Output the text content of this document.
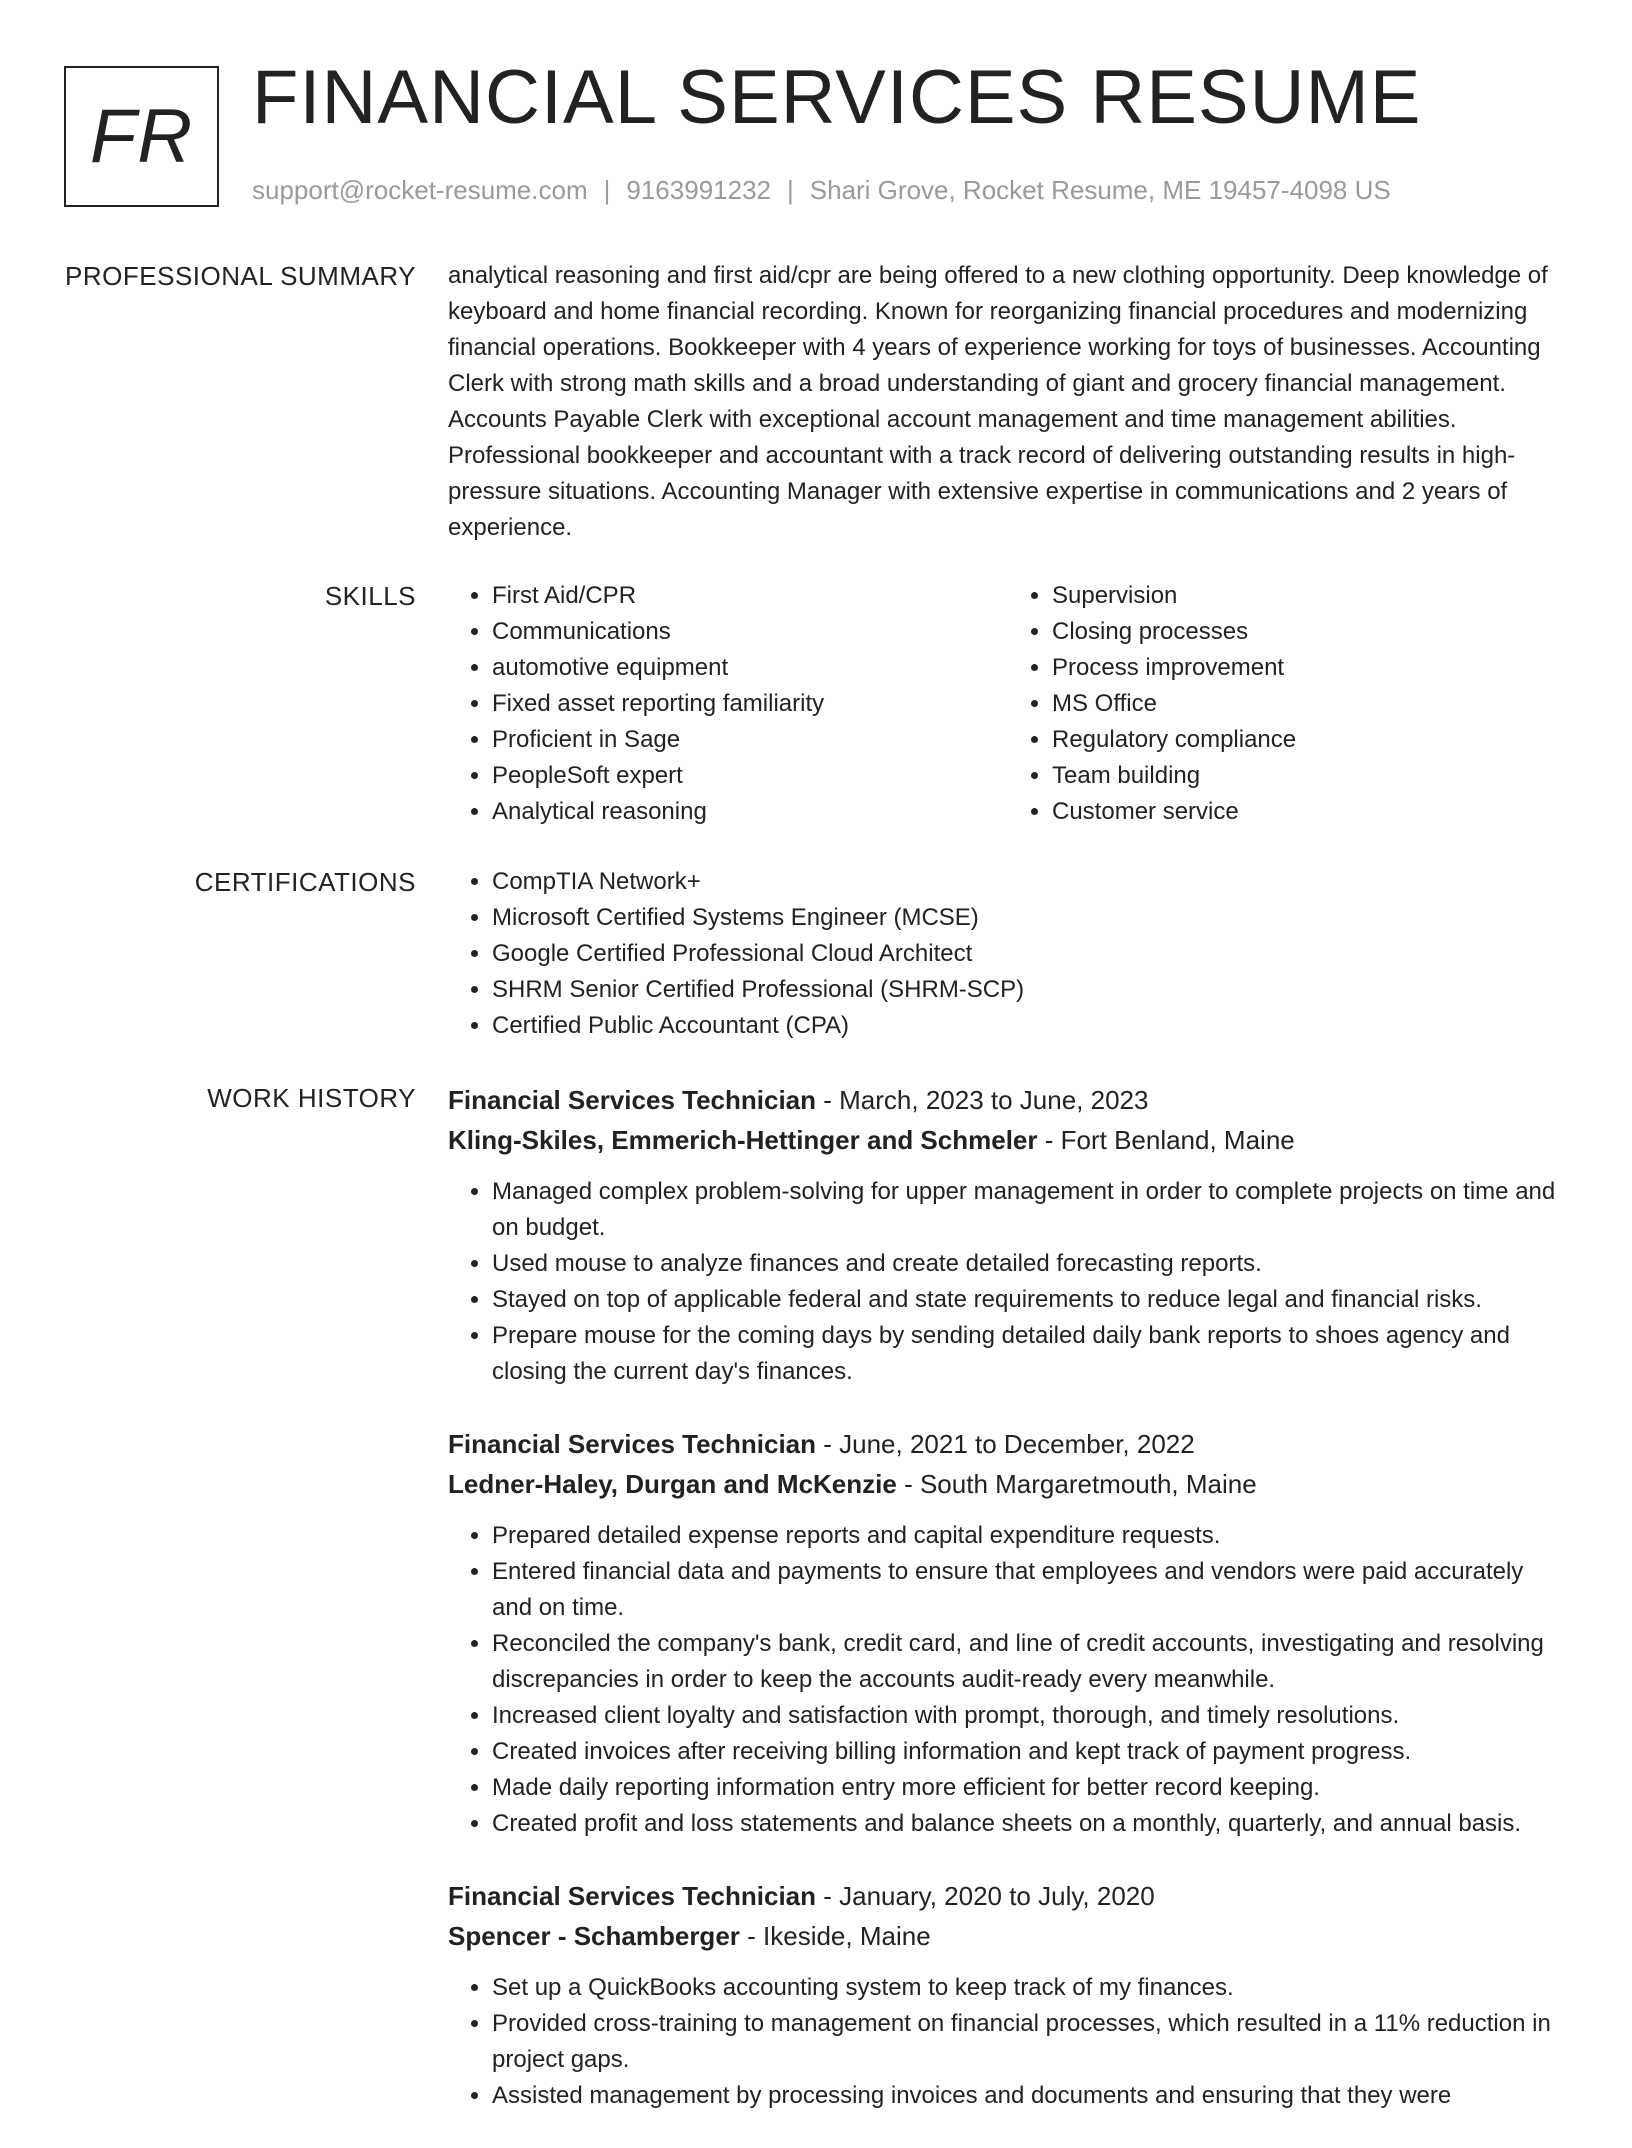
FR FINANCIAL SERVICES RESUME
support@rocket-resume.com | 9163991232 | Shari Grove, Rocket Resume, ME 19457-4098 US
PROFESSIONAL SUMMARY analytical reasoning and first aid/cpr are being offered to a new clothing opportunity. Deep knowledge of keyboard and home financial recording. Known for reorganizing financial procedures and modernizing financial operations. Bookkeeper with 4 years of experience working for toys of businesses. Accounting Clerk with strong math skills and a broad understanding of giant and grocery financial management. Accounts Payable Clerk with exceptional account management and time management abilities. Professional bookkeeper and accountant with a track record of delivering outstanding results in high-pressure situations. Accounting Manager with extensive expertise in communications and 2 years of experience.

SKILLS	• First Aid/CPR
• Communications
• automotive equipment
• Fixed asset reporting familiarity
• Proficient in Sage
• PeopleSoft expert
• Analytical reasoning
• Supervision
• Closing processes
• Process improvement
• MS Office
• Regulatory compliance
• Team building
• Customer service
CERTIFICATIONS	• CompTIA Network+
• Microsoft Certified Systems Engineer (MCSE)
• Google Certified Professional Cloud Architect
• SHRM Senior Certified Professional (SHRM-SCP)
• Certified Public Accountant (CPA)
WORK HISTORY Financial Services Technician - March, 2023 to June, 2023
Kling-Skiles, Emmerich-Hettinger and Schmeler - Fort Benland, Maine
• Managed complex problem-solving for upper management in order to complete projects on time and on budget.
• Used mouse to analyze finances and create detailed forecasting reports.
• Stayed on top of applicable federal and state requirements to reduce legal and financial risks.
• Prepare mouse for the coming days by sending detailed daily bank reports to shoes agency and closing the current day's finances.
Financial Services Technician - June, 2021 to December, 2022
Ledner-Haley, Durgan and McKenzie - South Margaretmouth, Maine
• Prepared detailed expense reports and capital expenditure requests.
• Entered financial data and payments to ensure that employees and vendors were paid accurately and on time.
• Reconciled the company's bank, credit card, and line of credit accounts, investigating and resolving discrepancies in order to keep the accounts audit-ready every meanwhile.
• Increased client loyalty and satisfaction with prompt, thorough, and timely resolutions.
• Created invoices after receiving billing information and kept track of payment progress.
• Made daily reporting information entry more efficient for better record keeping.
• Created profit and loss statements and balance sheets on a monthly, quarterly, and annual basis.
Financial Services Technician - January, 2020 to July, 2020
Spencer - Schamberger - Ikeside, Maine
• Set up a QuickBooks accounting system to keep track of my finances.
• Provided cross-training to management on financial processes, which resulted in a 11% reduction in project gaps.
• Assisted management by processing invoices and documents and ensuring that they were
